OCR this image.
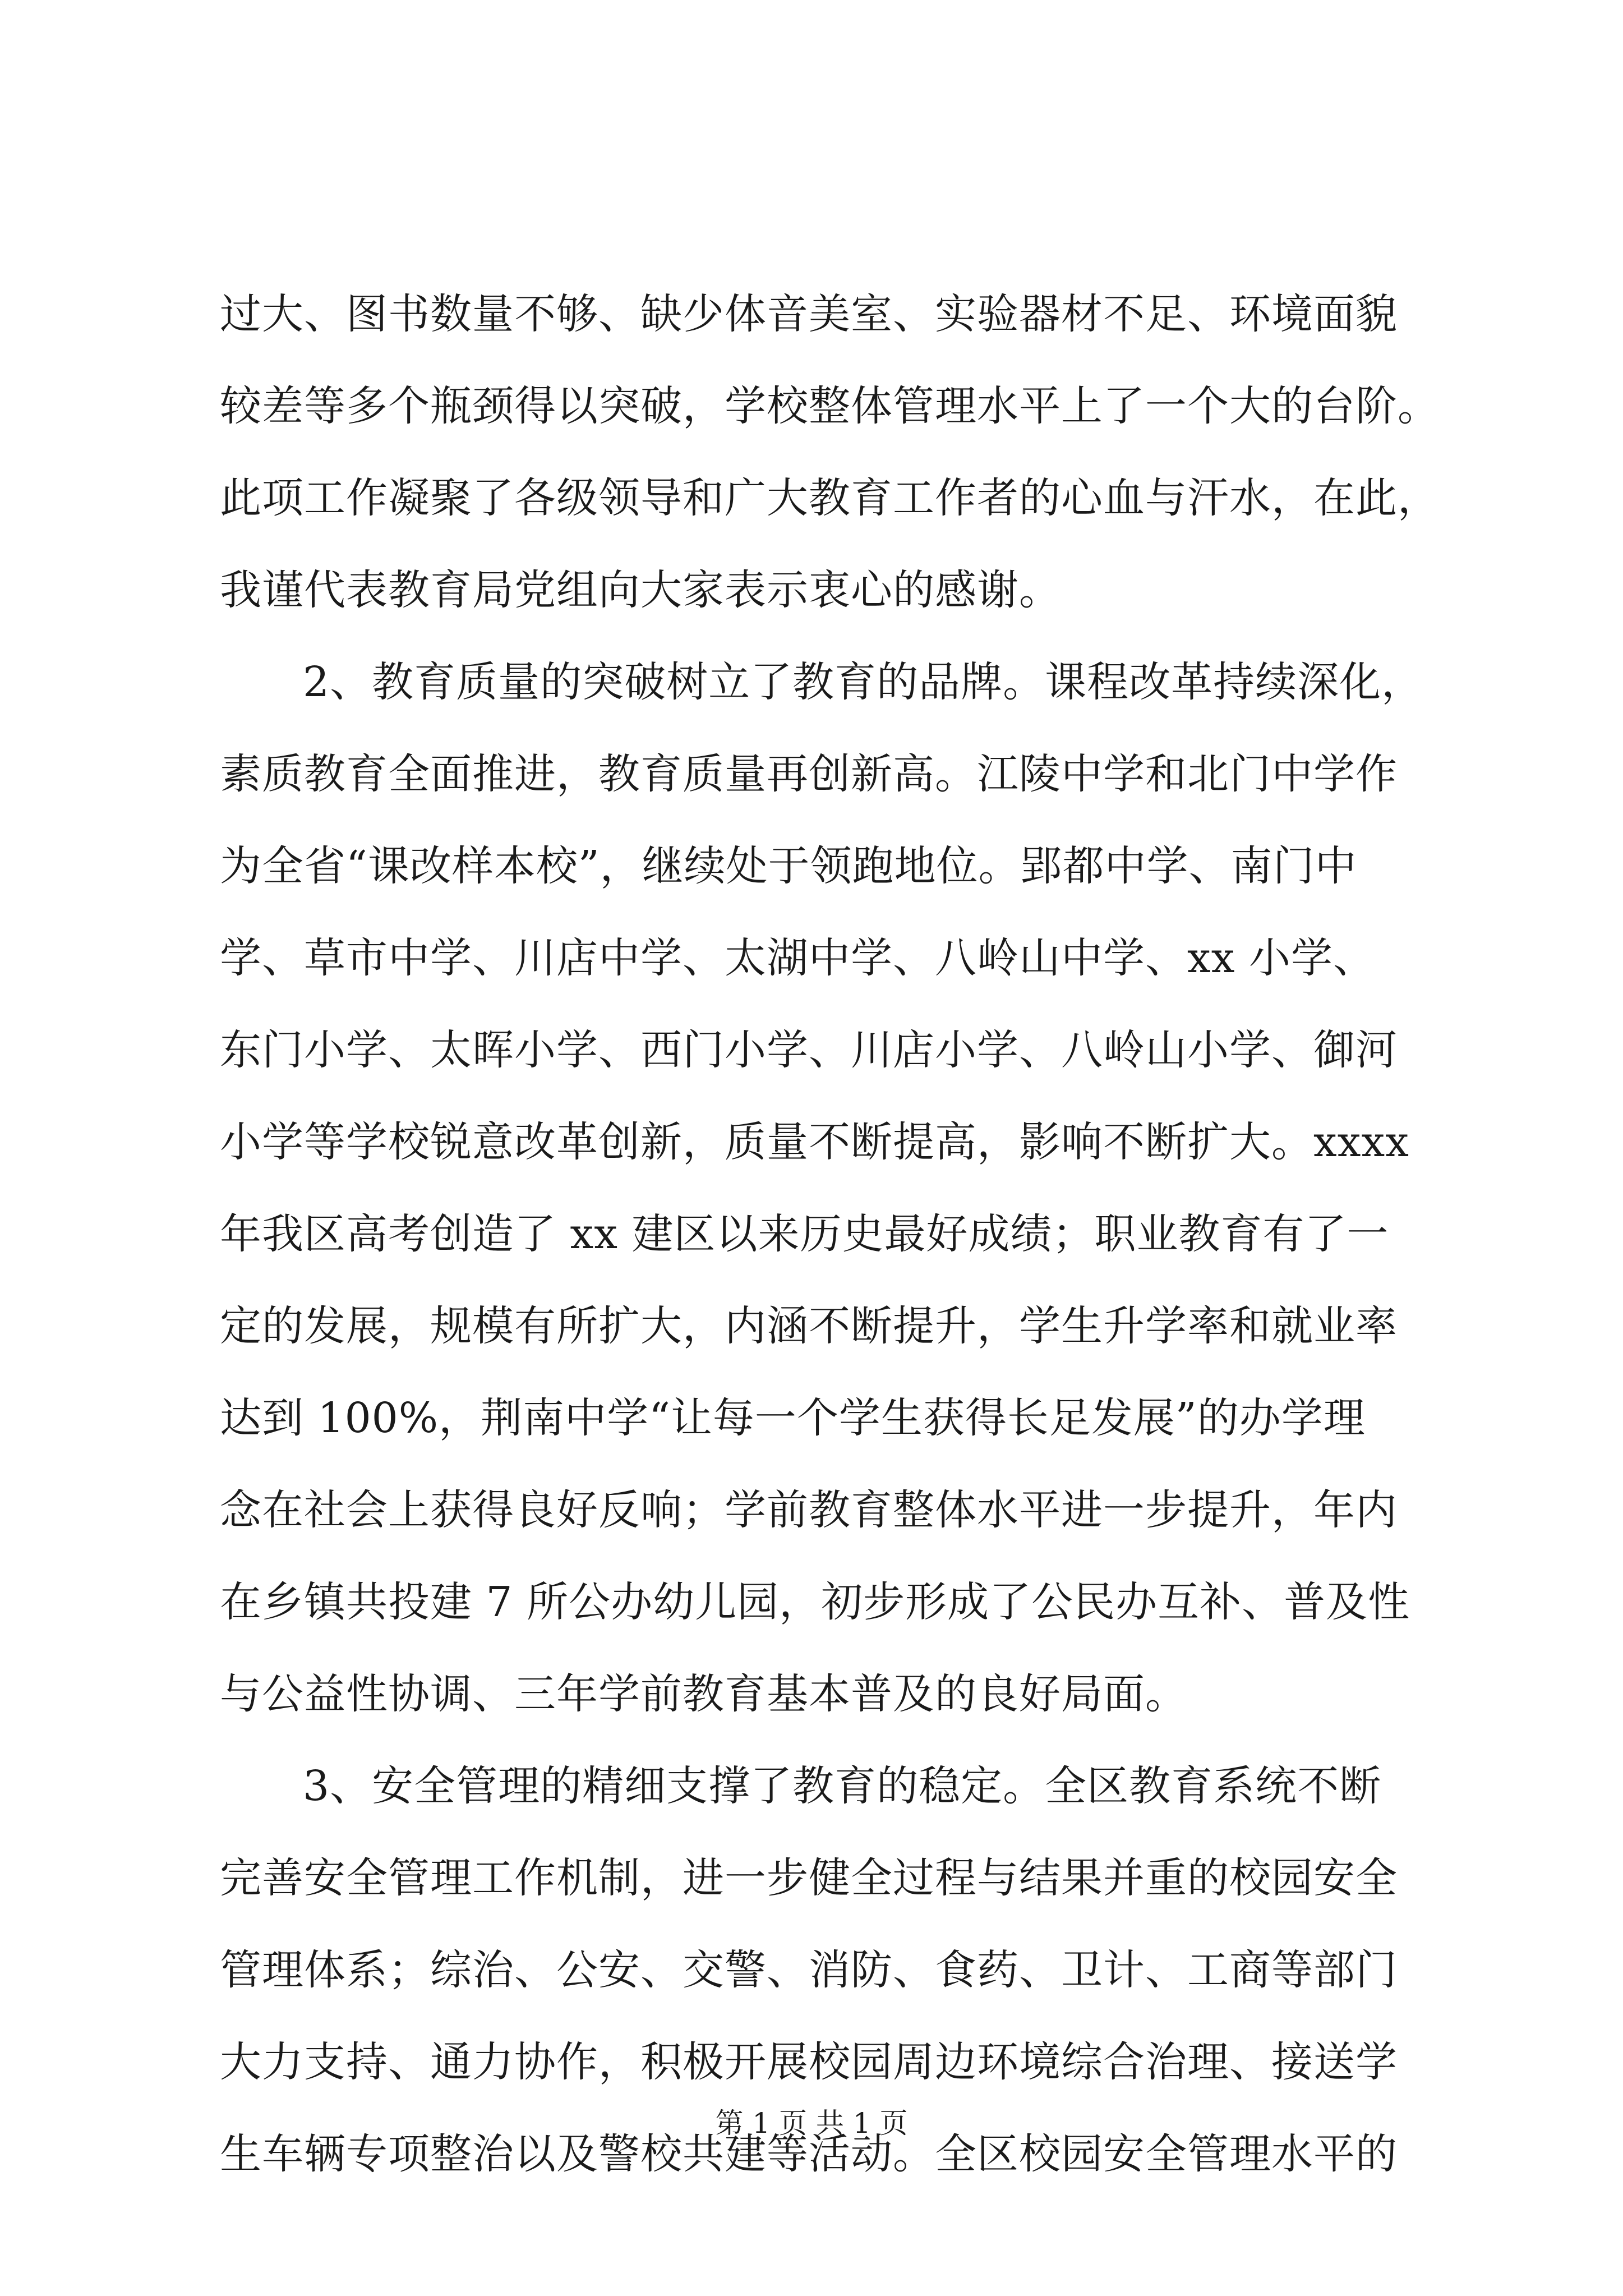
过大、图书数量不够、缺少体音美室、实验器材不足、环境面貌
较差等多个瓶颈得以突破，学校整体管理水平上了一个大的台阶。
此项工作凝聚了各级领导和广大教育工作者的心血与汗水，在此，
我谨代表教育局党组向大家表示衷心的感谢。
2、教育质量的突破树立了教育的品牌。课程改革持续深化，
素质教育全面推进，教育质量再创新高。江陵中学和北门中学作
为全省“课改样本校”，继续处于领跑地位。郢都中学、南门中
学、草市中学、川店中学、太湖中学、八岭山中学、xx 小学、
东门小学、太晖小学、西门小学、川店小学、八岭山小学、御河
小学等学校锐意改革创新，质量不断提高，影响不断扩大。xxxx
年我区高考创造了 xx 建区以来历史最好成绩；职业教育有了一
定的发展，规模有所扩大，内涵不断提升，学生升学率和就业率
达到 100%，荆南中学“让每一个学生获得长足发展”的办学理
念在社会上获得良好反响；学前教育整体水平进一步提升，年内
在乡镇共投建 7 所公办幼儿园，初步形成了公民办互补、普及性
与公益性协调、三年学前教育基本普及的良好局面。
3、安全管理的精细支撑了教育的稳定。全区教育系统不断
完善安全管理工作机制，进一步健全过程与结果并重的校园安全
管理体系；综治、公安、交警、消防、食药、卫计、工商等部门
大力支持、通力协作，积极开展校园周边环境综合治理、接送学
生车辆专项整治以及警校共建等活动。全区校园安全管理水平的
第 1 页 共 1 页
